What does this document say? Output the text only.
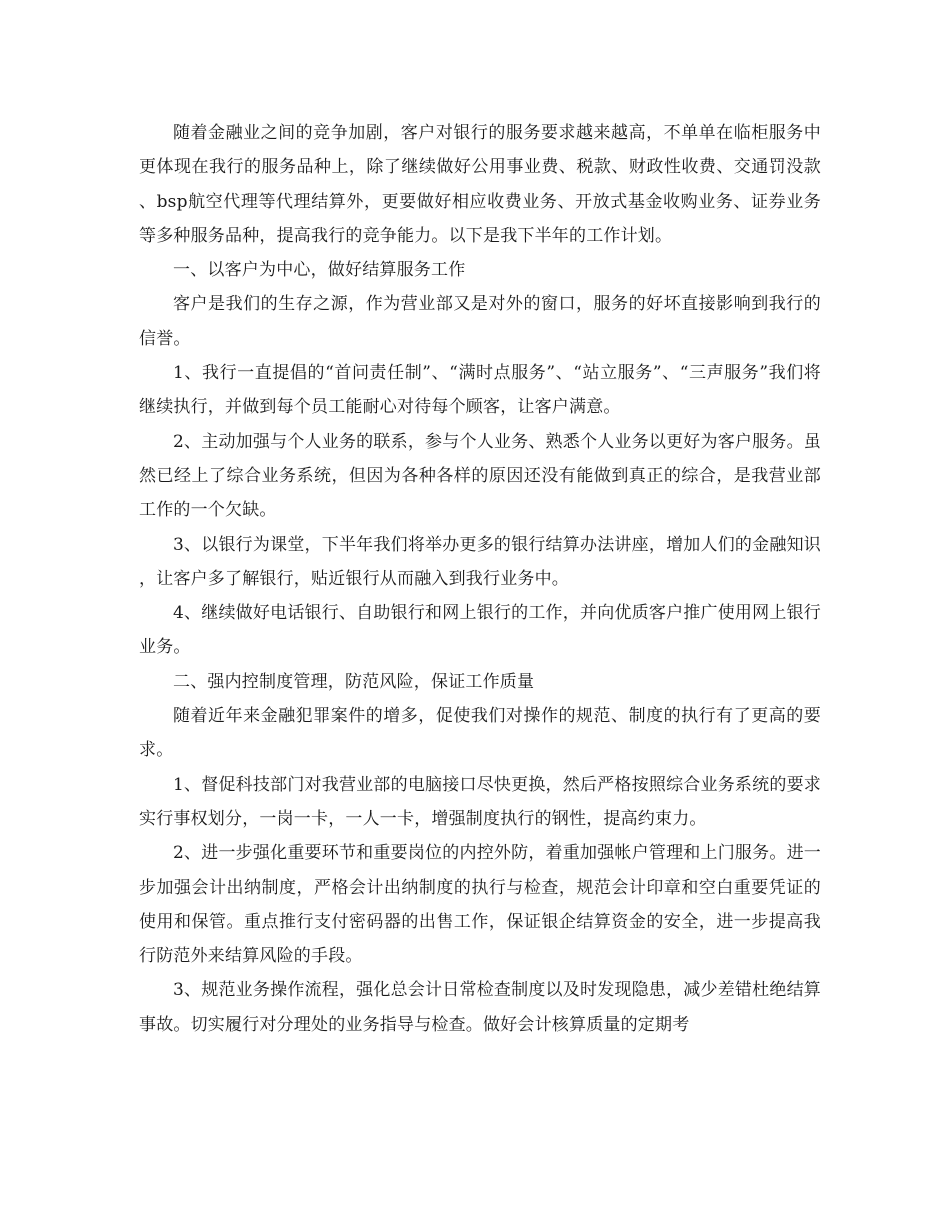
随着金融业之间的竞争加剧，客户对银行的服务要求越来越高，不单单在临柜服务中更体现在我行的服务品种上，除了继续做好公用事业费、税款、财政性收费、交通罚没款、bsp航空代理等代理结算外，更要做好相应收费业务、开放式基金收购业务、证券业务等多种服务品种，提高我行的竞争能力。以下是我下半年的工作计划。

一、以客户为中心，做好结算服务工作

客户是我们的生存之源，作为营业部又是对外的窗口，服务的好坏直接影响到我行的信誉。

1、我行一直提倡的“首问责任制”、“满时点服务”、“站立服务”、“三声服务”我们将继续执行，并做到每个员工能耐心对待每个顾客，让客户满意。

2、主动加强与个人业务的联系，参与个人业务、熟悉个人业务以更好为客户服务。虽然已经上了综合业务系统，但因为各种各样的原因还没有能做到真正的综合，是我营业部工作的一个欠缺。

3、以银行为课堂，下半年我们将举办更多的银行结算办法讲座，增加人们的金融知识，让客户多了解银行，贴近银行从而融入到我行业务中。

4、继续做好电话银行、自助银行和网上银行的工作，并向优质客户推广使用网上银行业务。

二、强内控制度管理，防范风险，保证工作质量

随着近年来金融犯罪案件的增多，促使我们对操作的规范、制度的执行有了更高的要求。

1、督促科技部门对我营业部的电脑接口尽快更换，然后严格按照综合业务系统的要求实行事权划分，一岗一卡，一人一卡，增强制度执行的钢性，提高约束力。

2、进一步强化重要环节和重要岗位的内控外防，着重加强帐户管理和上门服务。进一步加强会计出纳制度，严格会计出纳制度的执行与检查，规范会计印章和空白重要凭证的使用和保管。重点推行支付密码器的出售工作，保证银企结算资金的安全，进一步提高我行防范外来结算风险的手段。

3、规范业务操作流程，强化总会计日常检查制度以及时发现隐患，减少差错杜绝结算事故。切实履行对分理处的业务指导与检查。做好会计核算质量的定期考
